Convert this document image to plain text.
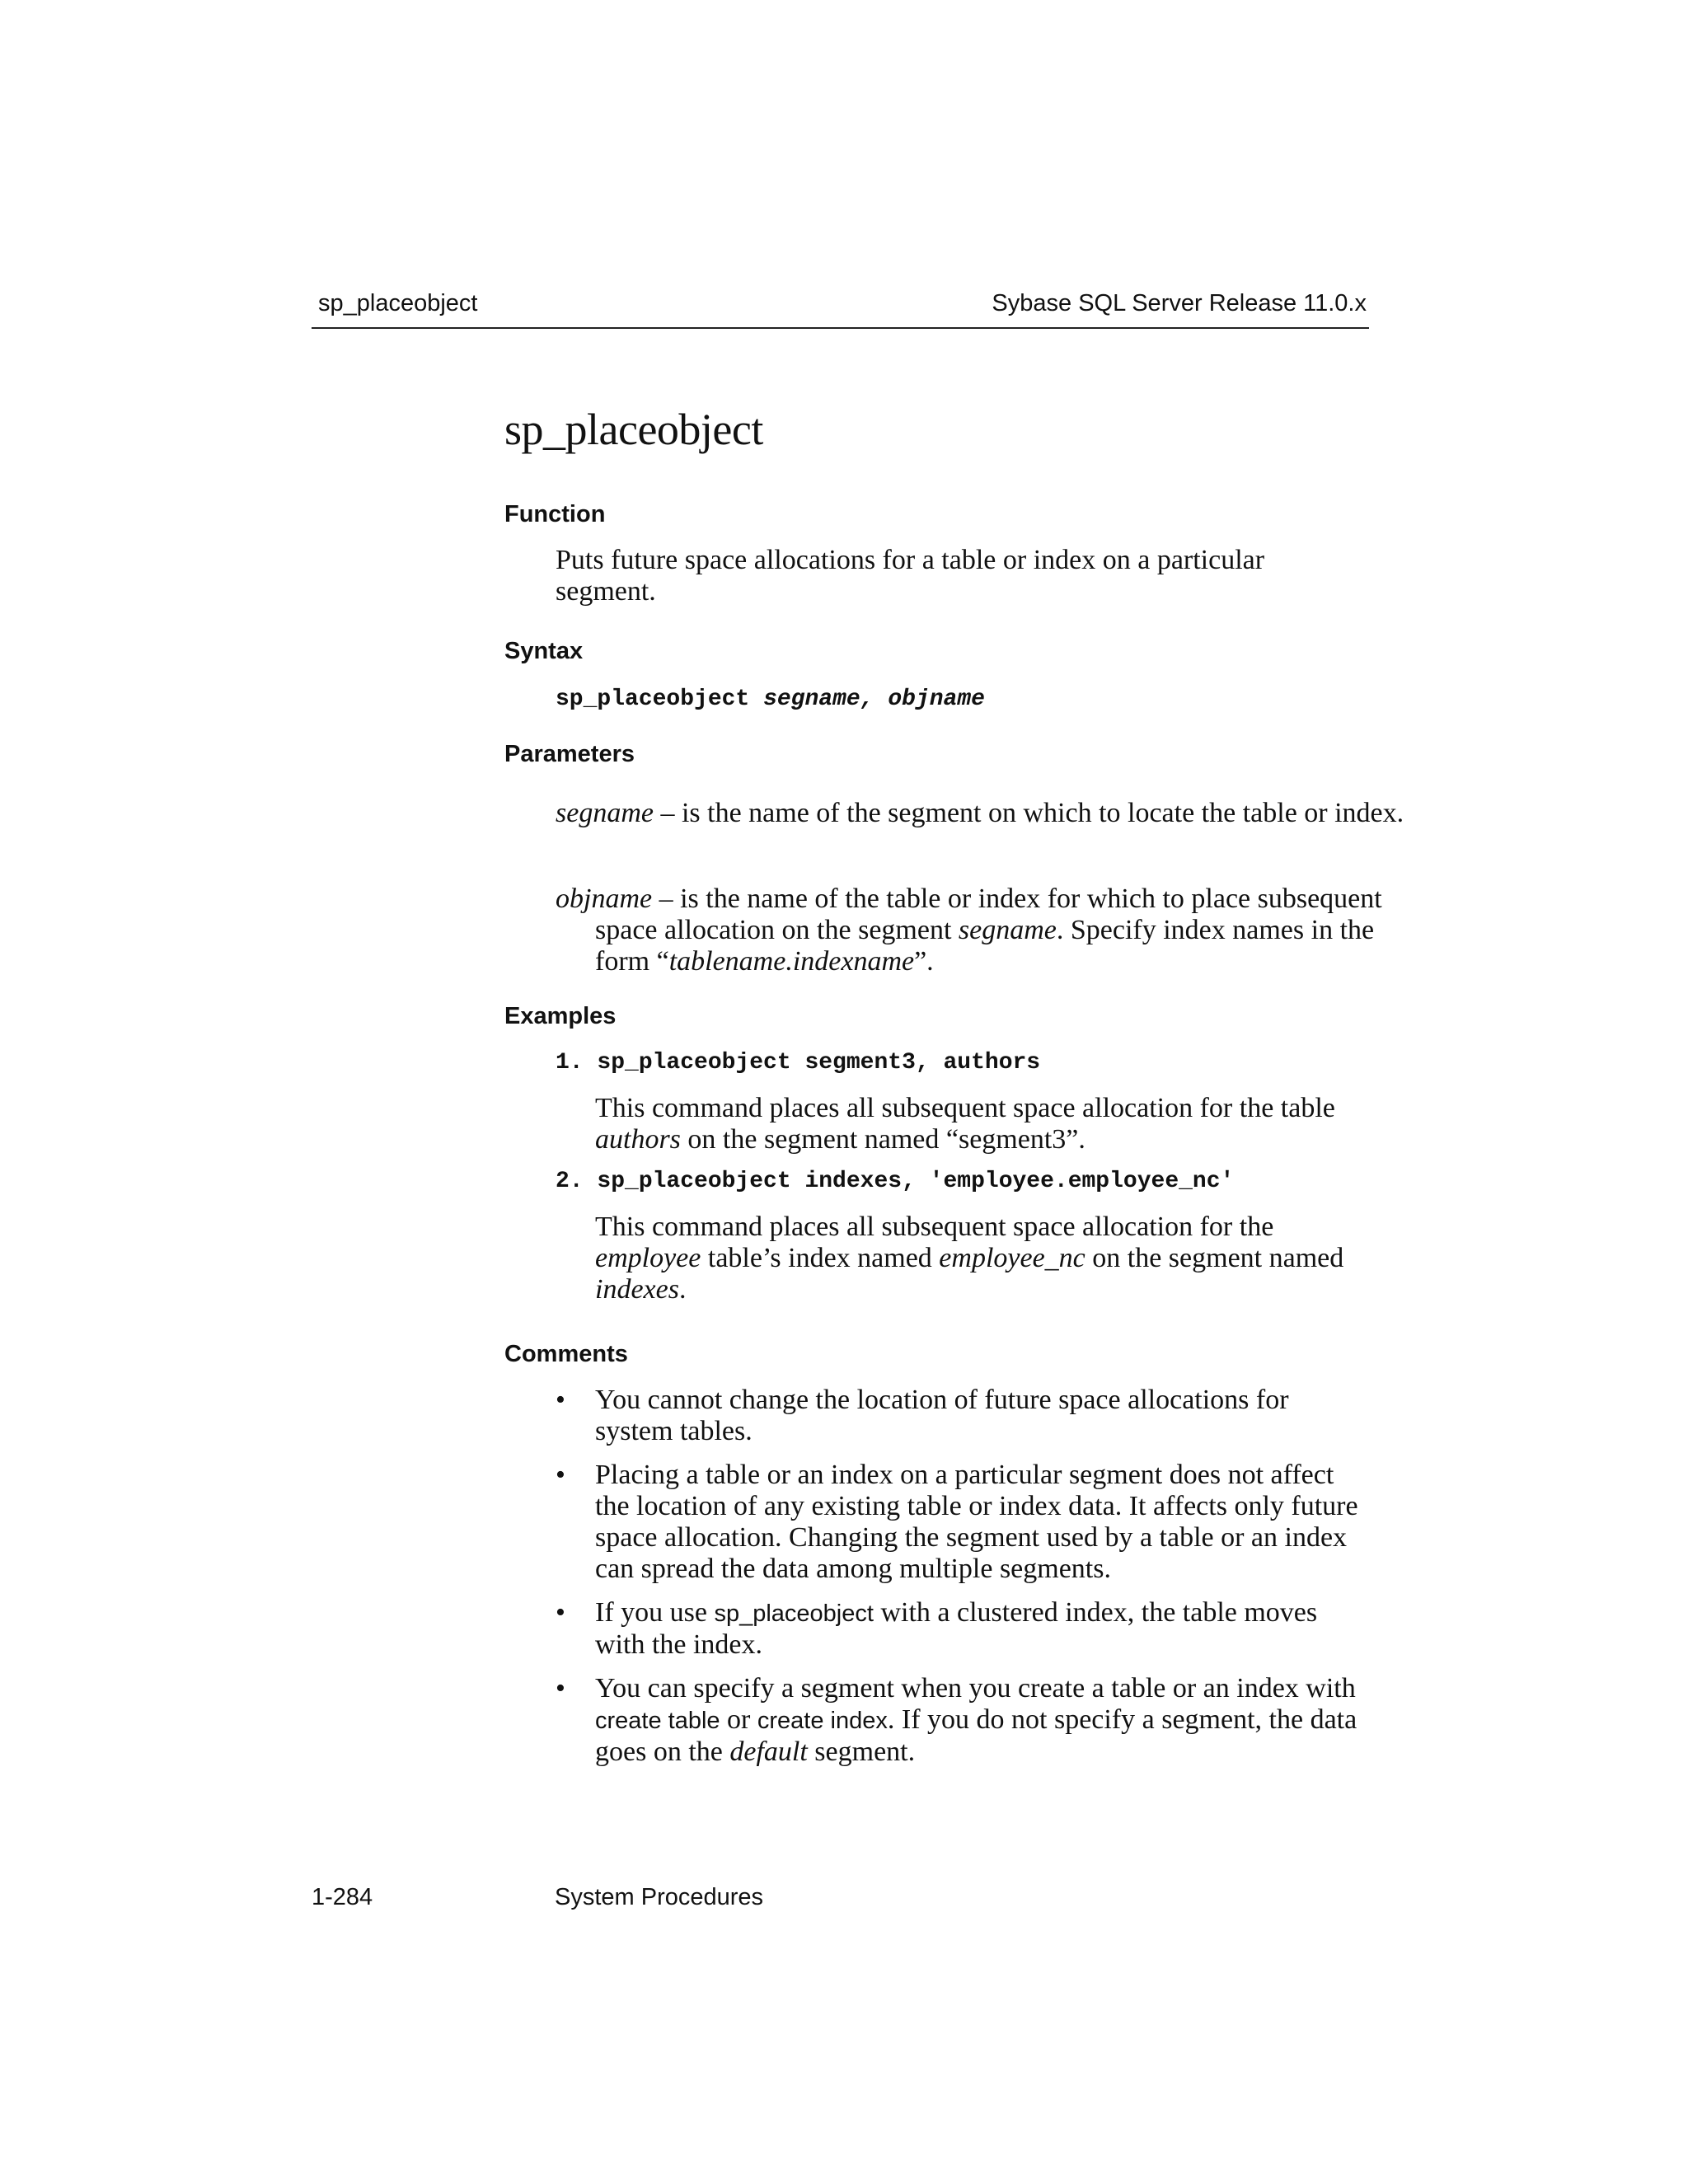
sp_placeobject	Sybase SQL Server Release 11.0.x
sp_placeobject
Function
Puts future space allocations for a table or index on a particular segment.
Syntax
sp_placeobject segname, objname
Parameters
segname – is the name of the segment on which to locate the table or index.
objname – is the name of the table or index for which to place subsequent space allocation on the segment segname. Specify index names in the form “tablename.indexname”.
Examples
1. sp_placeobject segment3, authors
This command places all subsequent space allocation for the table authors on the segment named “segment3”.
2. sp_placeobject indexes, 'employee.employee_nc'
This command places all subsequent space allocation for the employee table’s index named employee_nc on the segment named indexes.
Comments
• You cannot change the location of future space allocations for system tables.
• Placing a table or an index on a particular segment does not affect the location of any existing table or index data. It affects only future space allocation. Changing the segment used by a table or an index can spread the data among multiple segments.
• If you use sp_placeobject with a clustered index, the table moves with the index.
• You can specify a segment when you create a table or an index with create table or create index. If you do not specify a segment, the data goes on the default segment.
1-284	System Procedures
